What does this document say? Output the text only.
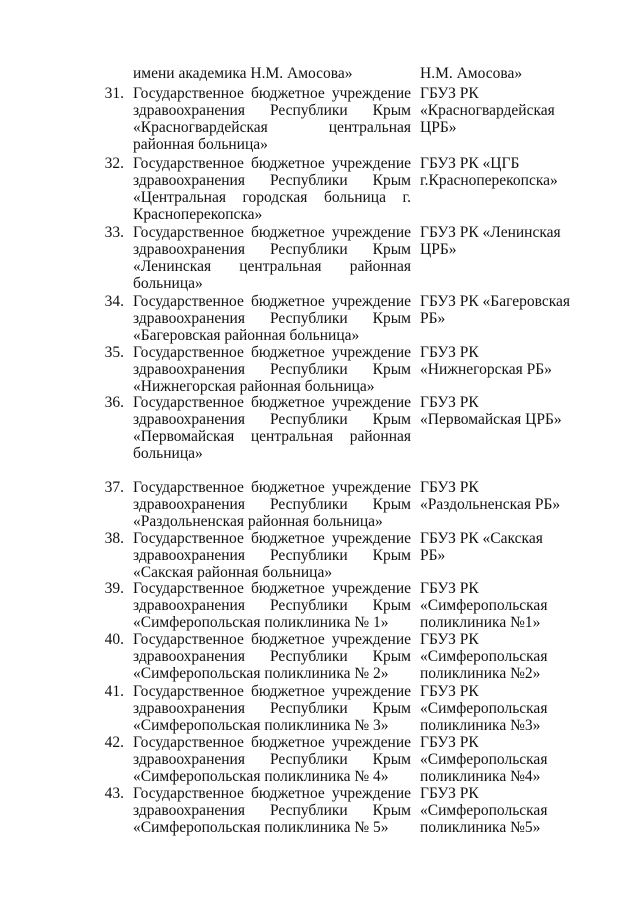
имени академика Н.М. Амосова»	Н.М. Амосова»
31. Государственное бюджетное учреждение
здравоохранения Республики Крым
«Красногвардейская	центральная
районная больница»
ГБУЗ РК
«Красногвардейская
ЦРБ»
32. Государственное бюджетное учреждение
здравоохранения Республики Крым
«Центральная городская больница г.
Красноперекопска»
ГБУЗ РК «ЦГБ
г.Красноперекопска»
33. Государственное бюджетное учреждение
здравоохранения Республики Крым
«Ленинская центральная районная
больница»
ГБУЗ РК «Ленинская
ЦРБ»
34. Государственное бюджетное учреждение
здравоохранения Республики Крым
«Багеровская районная больница»
ГБУЗ РК «Багеровская
РБ»
35. Государственное бюджетное учреждение
здравоохранения Республики Крым
«Нижнегорская районная больница»
ГБУЗ РК
«Нижнегорская РБ»
36. Государственное бюджетное учреждение
здравоохранения Республики Крым
«Первомайская центральная районная
больница»
ГБУЗ РК
«Первомайская ЦРБ»
37. Государственное бюджетное учреждение
здравоохранения Республики Крым
«Раздольненская районная больница»
ГБУЗ РК
«Раздольненская РБ»
38. Государственное бюджетное учреждение
здравоохранения Республики Крым
«Сакская районная больница»
ГБУЗ РК «Сакская
РБ»
39. Государственное бюджетное учреждение
здравоохранения Республики Крым
«Симферопольская поликлиника № 1»
ГБУЗ РК
«Симферопольская
поликлиника №1»
40. Государственное бюджетное учреждение
здравоохранения Республики Крым
«Симферопольская поликлиника № 2»
ГБУЗ РК
«Симферопольская
поликлиника №2»
41. Государственное бюджетное учреждение
здравоохранения Республики Крым
«Симферопольская поликлиника № 3»
ГБУЗ РК
«Симферопольская
поликлиника №3»
42. Государственное бюджетное учреждение
здравоохранения Республики Крым
«Симферопольская поликлиника № 4»
ГБУЗ РК
«Симферопольская
поликлиника №4»
43. Государственное бюджетное учреждение
здравоохранения Республики Крым
«Симферопольская поликлиника № 5»
ГБУЗ РК
«Симферопольская
поликлиника №5»
